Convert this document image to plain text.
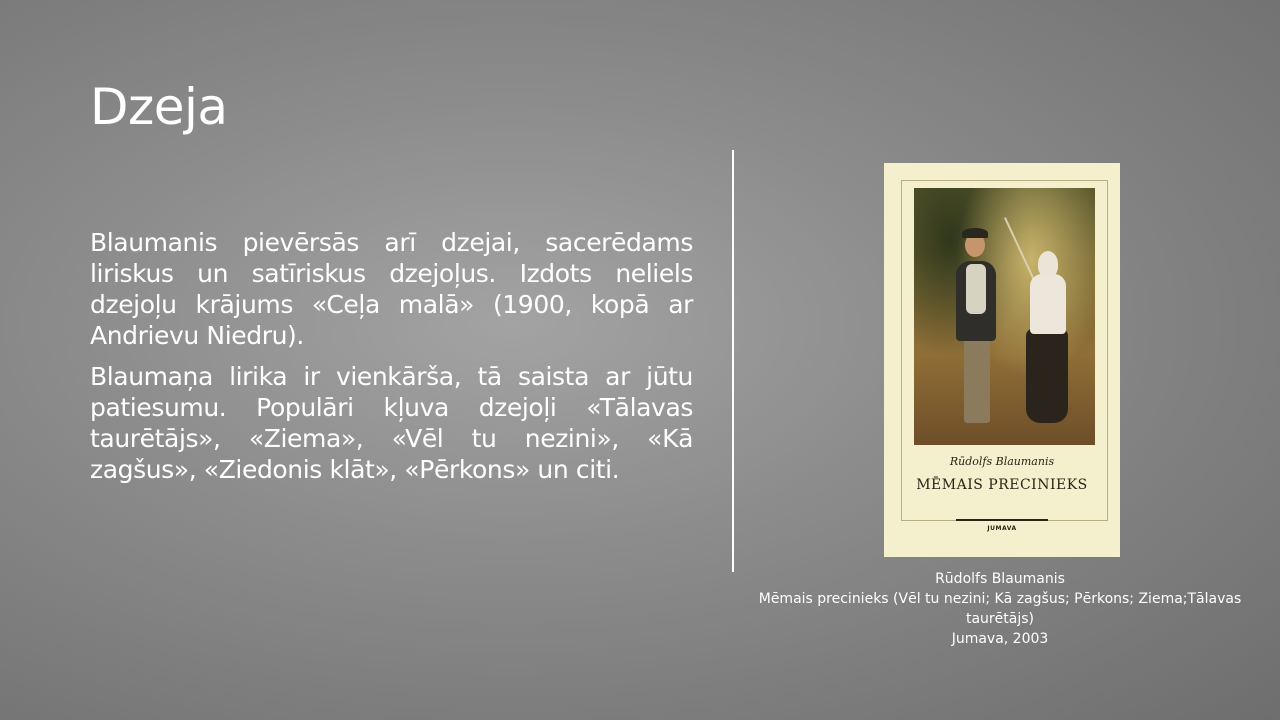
Dzeja

Blaumanis pievērsās arī dzejai, sacerēdams liriskus un satīriskus dzejoļus. Izdots neliels dzejoļu krājums «Ceļa malā» (1900, kopā ar Andrievu Niedru).

Blaumaņa lirika ir vienkārša, tā saista ar jūtu patiesumu. Populāri kļuva dzejoļi «Tālavas taurētājs», «Ziema», «Vēl tu nezini», «Kā zagšus», «Ziedonis klāt», «Pērkons» un citi.	Rūdolfs Blaumanis
MĒMAIS PRECINIEKS
JUMAVA
Rūdolfs Blaumanis
Mēmais precinieks (Vēl tu nezini; Kā zagšus; Pērkons; Ziema;Tālavas taurētājs)
Jumava, 2003
